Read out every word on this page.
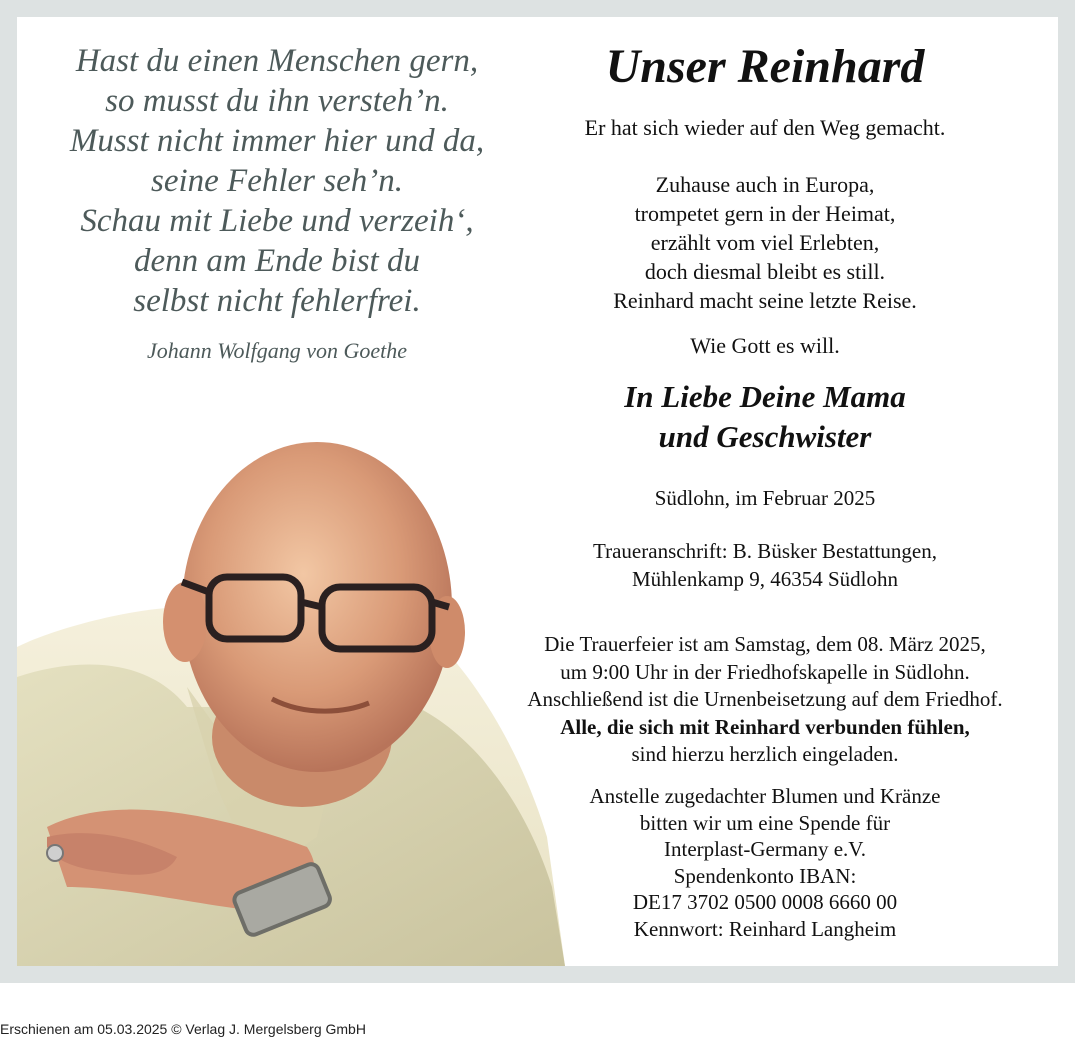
Hast du einen Menschen gern,
so musst du ihn versteh’n.
Musst nicht immer hier und da,
seine Fehler seh’n.
Schau mit Liebe und verzeih‘,
denn am Ende bist du
selbst nicht fehlerfrei.
Johann Wolfgang von Goethe
Unser Reinhard
Er hat sich wieder auf den Weg gemacht.
Zuhause auch in Europa,
trompetet gern in der Heimat,
erzählt vom viel Erlebten,
doch diesmal bleibt es still.
Reinhard macht seine letzte Reise.
Wie Gott es will.
In Liebe Deine Mama
und Geschwister
Südlohn, im Februar 2025
Traueranschrift: B. Büsker Bestattungen,
Mühlenkamp 9, 46354 Südlohn
Die Trauerfeier ist am Samstag, dem 08. März 2025,
um 9:00 Uhr in der Friedhofskapelle in Südlohn.
Anschließend ist die Urnenbeisetzung auf dem Friedhof.
Alle, die sich mit Reinhard verbunden fühlen,
sind hierzu herzlich eingeladen.
Anstelle zugedachter Blumen und Kränze
bitten wir um eine Spende für
Interplast-Germany e.V.
Spendenkonto IBAN:
DE17 3702 0500 0008 6660 00
Kennwort: Reinhard Langheim
Erschienen am 05.03.2025 © Verlag J. Mergelsberg GmbH
